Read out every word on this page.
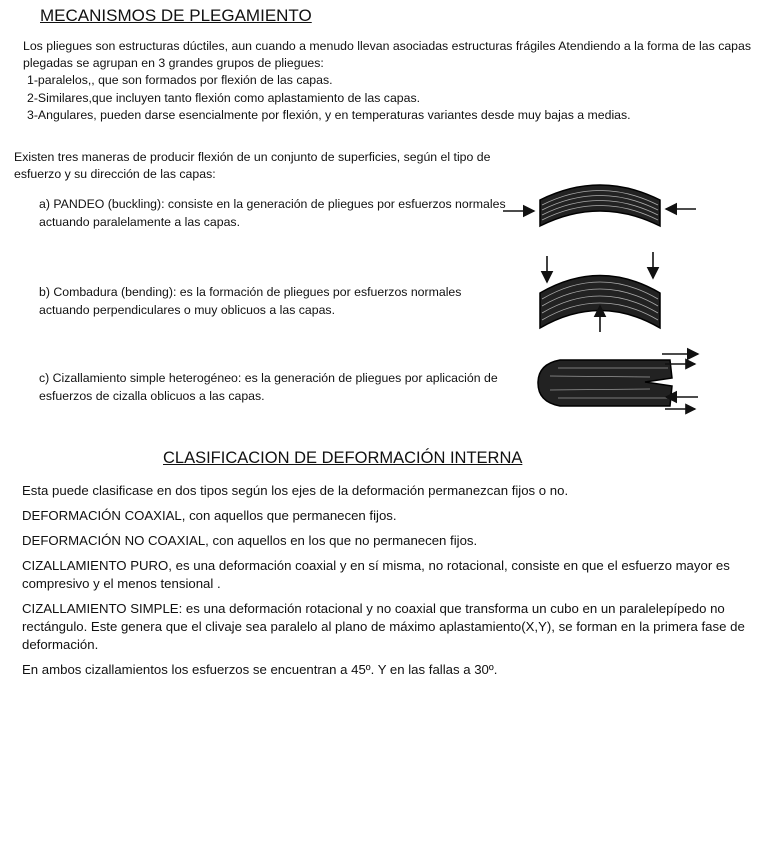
MECANISMOS DE PLEGAMIENTO

Los pliegues son estructuras dúctiles, aun cuando a menudo llevan asociadas estructuras frágiles Atendiendo a la forma de las capas plegadas se agrupan en 3 grandes grupos de pliegues:

1-paralelos,, que son formados por flexión de las capas.

2-Similares,que incluyen tanto flexión como aplastamiento de las capas.

3-Angulares, pueden darse esencialmente por flexión, y en temperaturas variantes desde muy bajas a medias.

Existen tres maneras de producir flexión de un conjunto de superficies, según el tipo de esfuerzo y su dirección de las capas:
a) PANDEO (buckling): consiste en la generación de pliegues por esfuerzos normales actuando paralelamente a las capas.
b) Combadura (bending): es la formación de pliegues por esfuerzos normales actuando perpendiculares o muy oblicuos a las capas.
c) Cizallamiento simple heterogéneo: es la generación de pliegues por aplicación de esfuerzos de cizalla oblicuos a las capas.
CLASIFICACION DE DEFORMACIÓN INTERNA

Esta puede clasificase en dos tipos según los ejes de la deformación permanezcan fijos o no.

DEFORMACIÓN COAXIAL, con aquellos que permanecen fijos.

DEFORMACIÓN NO COAXIAL, con aquellos en los que no permanecen fijos.

CIZALLAMIENTO PURO, es una deformación coaxial y en sí misma, no rotacional, consiste en que el esfuerzo mayor es compresivo y el menos tensional .

CIZALLAMIENTO SIMPLE: es una deformación rotacional y no coaxial que transforma un cubo en un paralelepípedo no rectángulo. Este genera que el clivaje sea paralelo al plano de máximo aplastamiento(X,Y), se forman en la primera fase de deformación.

En ambos cizallamientos los esfuerzos se encuentran a 45º. Y en las fallas a 30º.
